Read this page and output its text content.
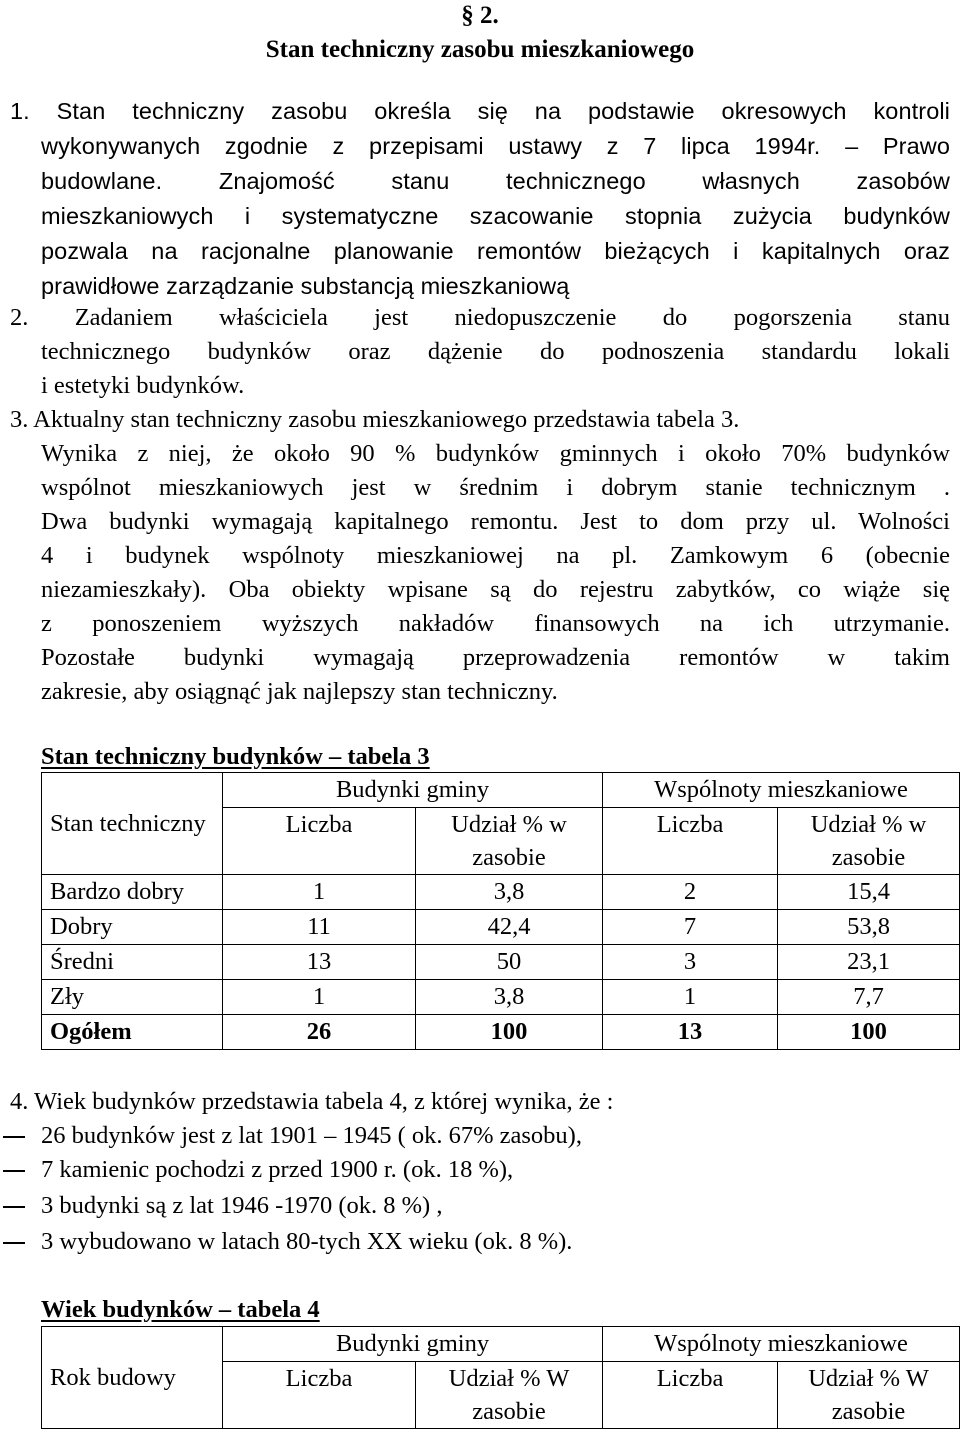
§ 2.
Stan techniczny zasobu mieszkaniowego
1. Stan techniczny zasobu określa się na podstawie okresowych kontroli
wykonywanych zgodnie z przepisami ustawy z 7 lipca 1994r. – Prawo
budowlane. Znajomość stanu technicznego własnych zasobów
mieszkaniowych i systematyczne szacowanie stopnia zużycia budynków
pozwala na racjonalne planowanie remontów bieżących i kapitalnych oraz
prawidłowe zarządzanie substancją mieszkaniową
2. Zadaniem właściciela jest niedopuszczenie do pogorszenia stanu
technicznego budynków oraz dążenie do podnoszenia standardu lokali
i estetyki budynków.
3. Aktualny stan techniczny zasobu mieszkaniowego przedstawia tabela 3.
Wynika z niej, że około 90 % budynków gminnych i około 70% budynków
wspólnot mieszkaniowych jest w średnim i dobrym stanie technicznym .
Dwa budynki wymagają kapitalnego remontu. Jest to dom przy ul. Wolności
4 i budynek wspólnoty mieszkaniowej na pl. Zamkowym 6 (obecnie
niezamieszkały). Oba obiekty wpisane są do rejestru zabytków, co wiąże się
z ponoszeniem wyższych nakładów finansowych na ich utrzymanie.
Pozostałe budynki wymagają przeprowadzenia remontów w takim
zakresie, aby osiągnąć jak najlepszy stan techniczny.
Stan techniczny budynków – tabela 3
Stan techniczny	Budynki gminy		Wspólnoty mieszkaniowe	
	Liczba	Udział % w zasobie	Liczba	Udział % w zasobie

Bardzo dobry	1	3,8	2	15,4
Dobry	11	42,4	7	53,8
Średni	13	50	3	23,1
Zły	1	3,8	1	7,7
Ogółem	26	100	13	100
4. Wiek budynków przedstawia tabela 4, z której wynika, że :
26 budynków jest z lat 1901 – 1945 ( ok. 67% zasobu),
7 kamienic pochodzi z przed 1900 r. (ok. 18 %),
3 budynki są z lat 1946 -1970 (ok. 8 %) ,
3 wybudowano w latach 80-tych XX wieku (ok. 8 %).
Wiek budynków – tabela 4
Rok budowy	Budynki gminy		Wspólnoty mieszkaniowe	
	Liczba	Udział % W zasobie	Liczba	Udział % W zasobie
